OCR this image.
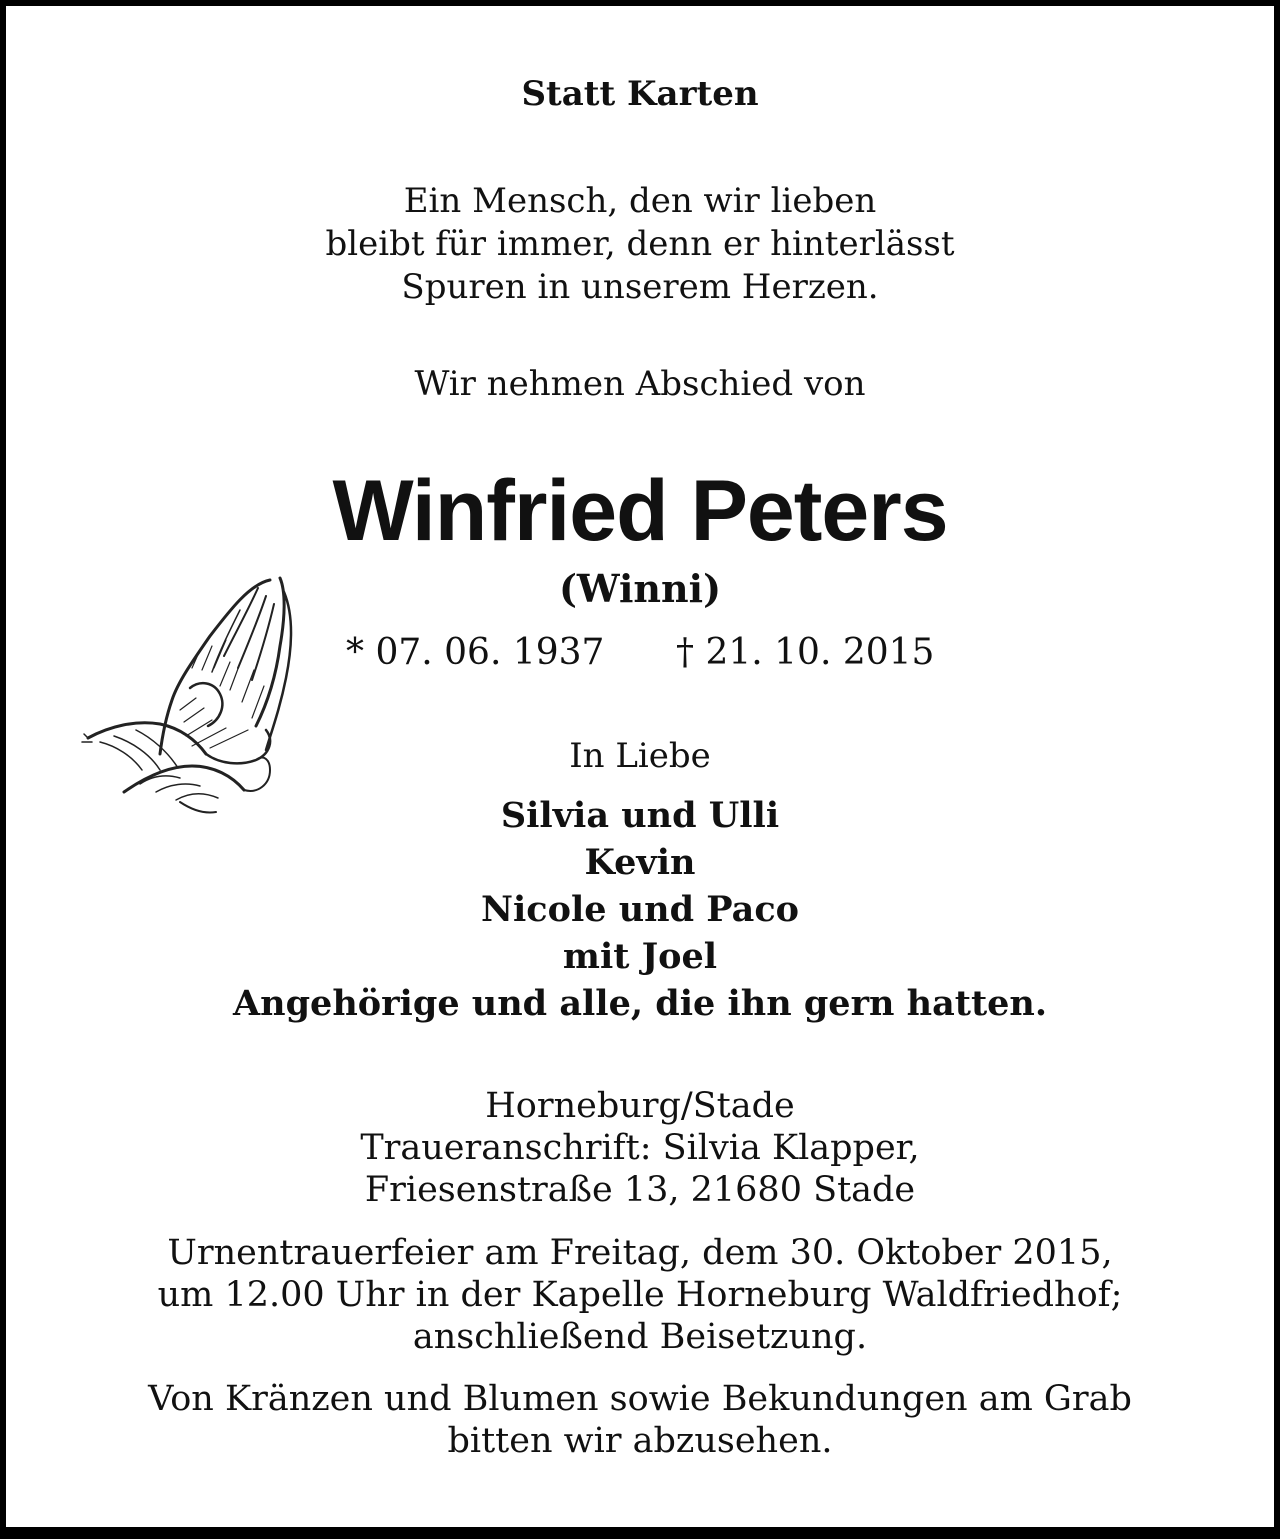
Statt Karten
Ein Mensch, den wir lieben
bleibt für immer, denn er hinterlässt
Spuren in unserem Herzen.
Wir nehmen Abschied von
Winfried Peters
(Winni)
* 07. 06. 1937 † 21. 10. 2015
In Liebe
Silvia und Ulli
Kevin
Nicole und Paco
mit Joel
Angehörige und alle, die ihn gern hatten.
Horneburg/Stade
Traueranschrift: Silvia Klapper,
Friesenstraße 13, 21680 Stade
Urnentrauerfeier am Freitag, dem 30. Oktober 2015,
um 12.00 Uhr in der Kapelle Horneburg Waldfriedhof;
anschließend Beisetzung.
Von Kränzen und Blumen sowie Bekundungen am Grab
bitten wir abzusehen.
